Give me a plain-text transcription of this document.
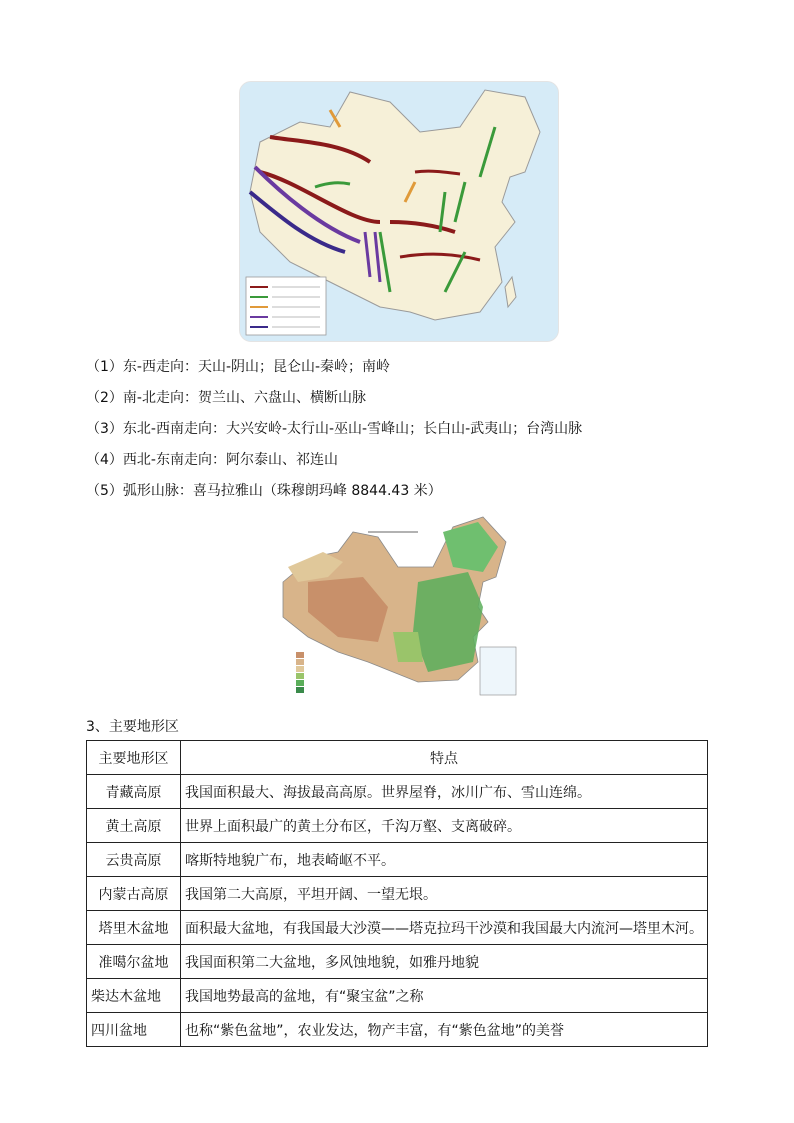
（1）东-西走向：天山-阴山；昆仑山-秦岭；南岭
（2）南-北走向：贺兰山、六盘山、横断山脉
（3）东北-西南走向：大兴安岭-太行山-巫山-雪峰山；长白山-武夷山；台湾山脉
（4）西北-东南走向：阿尔泰山、祁连山
（5）弧形山脉：喜马拉雅山（珠穆朗玛峰 8844.43 米）
3、主要地形区
主要地形区	特点
青藏高原	我国面积最大、海拔最高高原。世界屋脊，冰川广布、雪山连绵。
黄土高原	世界上面积最广的黄土分布区，千沟万壑、支离破碎。
云贵高原	喀斯特地貌广布，地表崎岖不平。
内蒙古高原	我国第二大高原，平坦开阔、一望无垠。
塔里木盆地	面积最大盆地，有我国最大沙漠——塔克拉玛干沙漠和我国最大内流河—塔里木河。
准噶尔盆地	我国面积第二大盆地，多风蚀地貌，如雅丹地貌
柴达木盆地	我国地势最高的盆地，有“聚宝盆”之称
四川盆地	也称“紫色盆地”，农业发达，物产丰富，有“紫色盆地”的美誉
